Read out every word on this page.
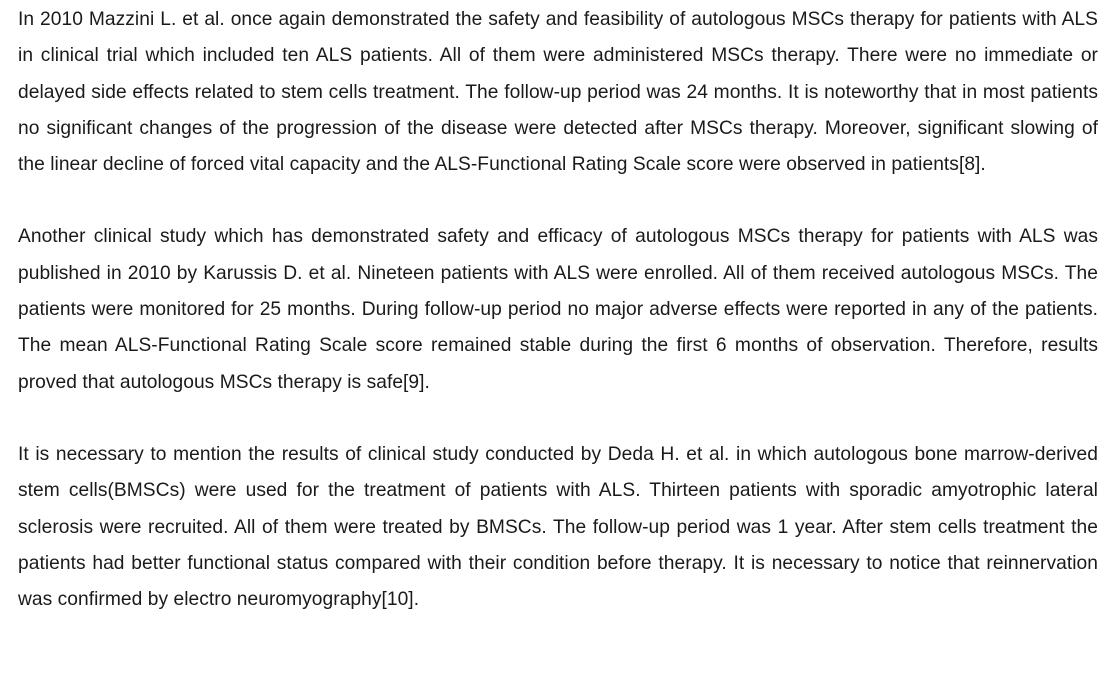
In 2010 Mazzini L. et al. once again demonstrated the safety and feasibility of autologous MSCs therapy for patients with ALS in clinical trial which included ten ALS patients. All of them were administered MSCs therapy. There were no immediate or delayed side effects related to stem cells treatment. The follow-up period was 24 months. It is noteworthy that in most patients no significant changes of the progression of the disease were detected after MSCs therapy. Moreover, significant slowing of the linear decline of forced vital capacity and the ALS-Functional Rating Scale score were observed in patients[8].

Another clinical study which has demonstrated safety and efficacy of autologous MSCs therapy for patients with ALS was published in 2010 by Karussis D. et al. Nineteen patients with ALS were enrolled. All of them received autologous MSCs. The patients were monitored for 25 months. During follow-up period no major adverse effects were reported in any of the patients. The mean ALS-Functional Rating Scale score remained stable during the first 6 months of observation. Therefore, results proved that autologous MSCs therapy is safe[9].

It is necessary to mention the results of clinical study conducted by Deda H. et al. in which autologous bone marrow-derived stem cells(BMSCs) were used for the treatment of patients with ALS. Thirteen patients with sporadic amyotrophic lateral sclerosis were recruited. All of them were treated by BMSCs. The follow-up period was 1 year. After stem cells treatment the patients had better functional status compared with their condition before therapy. It is necessary to notice that reinnervation was confirmed by electro neuromyography[10].
